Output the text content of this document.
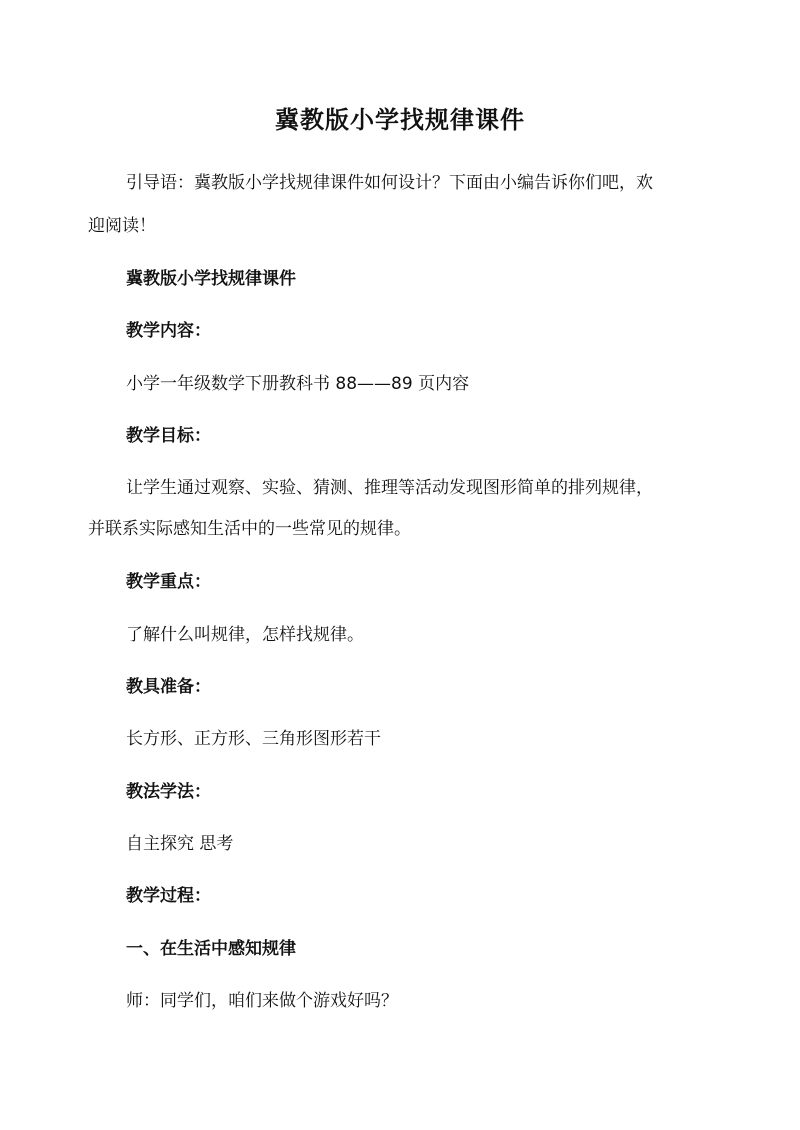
冀教版小学找规律课件
引导语：冀教版小学找规律课件如何设计？下面由小编告诉你们吧，欢
迎阅读！
冀教版小学找规律课件
教学内容：
小学一年级数学下册教科书 88——89 页内容
教学目标：
让学生通过观察、实验、猜测、推理等活动发现图形简单的排列规律，
并联系实际感知生活中的一些常见的规律。
教学重点：
了解什么叫规律，怎样找规律。
教具准备：
长方形、正方形、三角形图形若干
教法学法：
自主探究 思考
教学过程：
一、在生活中感知规律
师：同学们，咱们来做个游戏好吗？
